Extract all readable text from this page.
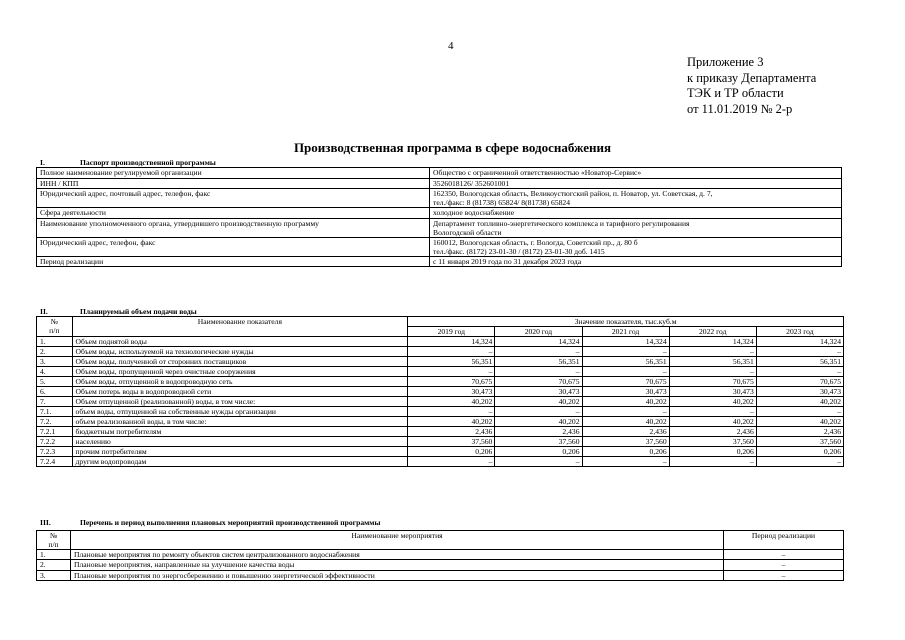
4
Приложение 3
к приказу Департамента
ТЭК и ТР области
от 11.01.2019 № 2-р
Производственная программа в сфере водоснабжения
I.	Паспорт производственной программы
Полное наименование регулируемой организации	Общество с ограниченной ответственностью «Новатор-Сервис»
ИНН / КПП	3526018126/ 352601001
Юридический адрес, почтовый адрес, телефон, факс	162350, Вологодская область, Великоустюгский район, п. Новатор, ул. Советская, д. 7,
тел./факс: 8 (81738) 65824/ 8(81738) 65824

Сфера деятельности	холодное водоснабжение
Наименование уполномоченного органа, утвердившего производственную программу	Департамент топливно-энергетического комплекса и тарифного регулирования
Вологодской области

Юридический адрес, телефон, факс	160012, Вологодская область, г. Вологда, Советский пр., д. 80 б
тел./факс. (8172) 23-01-30 / (8172) 23-01-30 доб. 1415

Период реализации	с 11 января 2019 года по 31 декабря 2023 года
II.	Планируемый объем подачи воды
№
п/п	Наименование показателя	Значение показателя, тыс.куб.м				
		2019 год	2020 год	2021 год	2022 год	2023 год
1.	Объем поднятой воды	14,324	14,324	14,324	14,324	14,324
2.	Объем воды, используемой на технологические нужды	–	–	–	–	–
3.	Объем воды, полученной от сторонних поставщиков	56,351	56,351	56,351	56,351	56,351
4.	Объем воды, пропущенной через очистные сооружения	–	–	–	–	–
5.	Объем воды, отпущенной в водопроводную сеть	70,675	70,675	70,675	70,675	70,675
6.	Объем потерь воды в водопроводной сети	30,473	30,473	30,473	30,473	30,473
7.	Объем отпущенной (реализованной) воды, в том числе:	40,202	40,202	40,202	40,202	40,202
7.1.	объем воды, отпущенной на собственные нужды организации	–	–	–	–	–
7.2.	объем реализованной воды, в том числе:	40,202	40,202	40,202	40,202	40,202
7.2.1	бюджетным потребителям	2,436	2,436	2,436	2,436	2,436
7.2.2	населению	37,560	37,560	37,560	37,560	37,560
7.2.3	прочим потребителям	0,206	0,206	0,206	0,206	0,206
7.2.4	другим водопроводам	–	–	–	–	–
III.	Перечень и период выполнения плановых мероприятий производственной программы
№
п/п	Наименование мероприятия	Период реализации
1.	Плановые мероприятия по ремонту объектов систем централизованного водоснабжения	–
2.	Плановые мероприятия, направленные на улучшение качества воды	–
3.	Плановые мероприятия по энергосбережению и повышению энергетической эффективности	–
